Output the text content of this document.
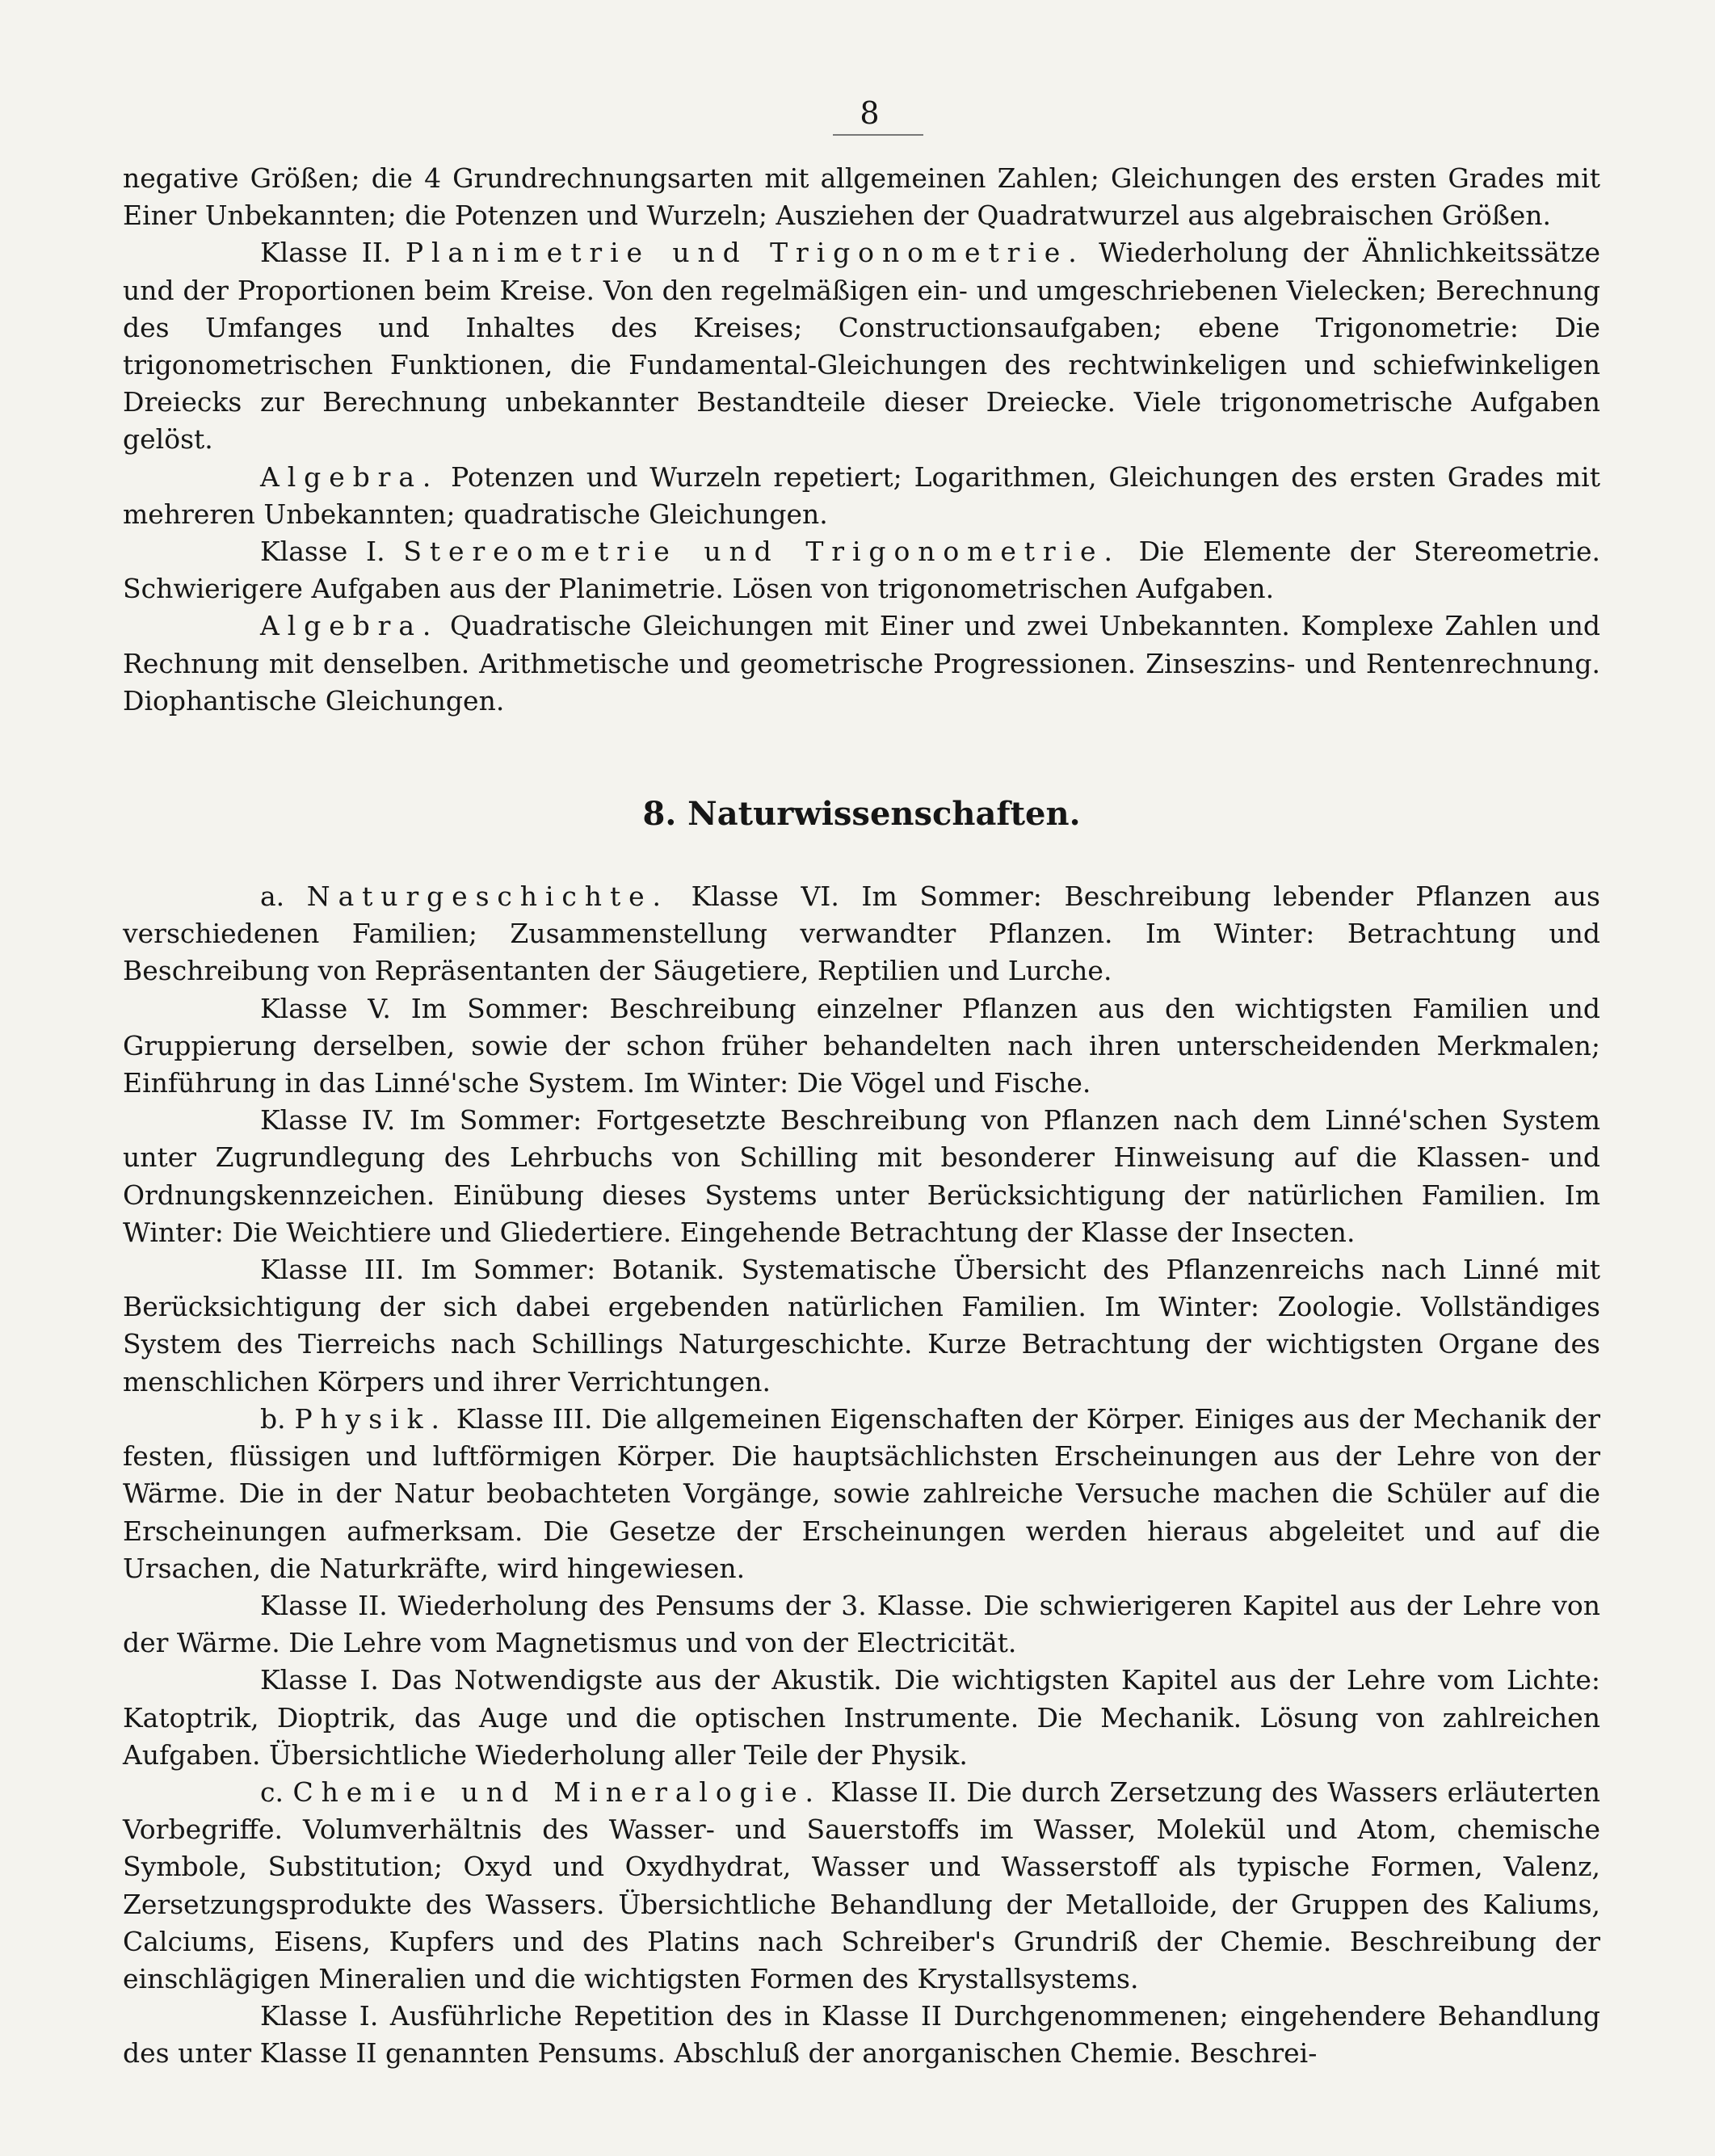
8

negative Größen; die 4 Grundrechnungsarten mit allgemeinen Zahlen; Gleichungen des ersten Grades mit Einer Unbekannten; die Potenzen und Wurzeln; Ausziehen der Quadratwurzel aus algebraischen Größen.

Klasse II. Planimetrie und Trigonometrie. Wiederholung der Ähnlichkeitssätze und der Proportionen beim Kreise. Von den regelmäßigen ein- und umgeschriebenen Vielecken; Berechnung des Umfanges und Inhaltes des Kreises; Constructionsaufgaben; ebene Trigonometrie: Die trigonometrischen Funktionen, die Fundamental-Gleichungen des rechtwinkeligen und schiefwinkeligen Dreiecks zur Berechnung unbekannter Bestandteile dieser Dreiecke. Viele trigonometrische Aufgaben gelöst.

Algebra. Potenzen und Wurzeln repetiert; Logarithmen, Gleichungen des ersten Grades mit mehreren Unbekannten; quadratische Gleichungen.

Klasse I. Stereometrie und Trigonometrie. Die Elemente der Stereometrie. Schwierigere Aufgaben aus der Planimetrie. Lösen von trigonometrischen Aufgaben.

Algebra. Quadratische Gleichungen mit Einer und zwei Unbekannten. Komplexe Zahlen und Rechnung mit denselben. Arithmetische und geometrische Progressionen. Zinseszins- und Rentenrechnung. Diophantische Gleichungen.

8. Naturwissenschaften.

a. Naturgeschichte. Klasse VI. Im Sommer: Beschreibung lebender Pflanzen aus verschiedenen Familien; Zusammenstellung verwandter Pflanzen. Im Winter: Betrachtung und Beschreibung von Repräsentanten der Säugetiere, Reptilien und Lurche.

Klasse V. Im Sommer: Beschreibung einzelner Pflanzen aus den wichtigsten Familien und Gruppierung derselben, sowie der schon früher behandelten nach ihren unterscheidenden Merkmalen; Einführung in das Linné'sche System. Im Winter: Die Vögel und Fische.

Klasse IV. Im Sommer: Fortgesetzte Beschreibung von Pflanzen nach dem Linné'schen System unter Zugrundlegung des Lehrbuchs von Schilling mit besonderer Hinweisung auf die Klassen- und Ordnungskennzeichen. Einübung dieses Systems unter Berücksichtigung der natürlichen Familien. Im Winter: Die Weichtiere und Gliedertiere. Eingehende Betrachtung der Klasse der Insecten.

Klasse III. Im Sommer: Botanik. Systematische Übersicht des Pflanzenreichs nach Linné mit Berücksichtigung der sich dabei ergebenden natürlichen Familien. Im Winter: Zoologie. Vollständiges System des Tierreichs nach Schillings Naturgeschichte. Kurze Betrachtung der wichtigsten Organe des menschlichen Körpers und ihrer Verrichtungen.

b. Physik. Klasse III. Die allgemeinen Eigenschaften der Körper. Einiges aus der Mechanik der festen, flüssigen und luftförmigen Körper. Die hauptsächlichsten Erscheinungen aus der Lehre von der Wärme. Die in der Natur beobachteten Vorgänge, sowie zahlreiche Versuche machen die Schüler auf die Erscheinungen aufmerksam. Die Gesetze der Erscheinungen werden hieraus abgeleitet und auf die Ursachen, die Naturkräfte, wird hingewiesen.

Klasse II. Wiederholung des Pensums der 3. Klasse. Die schwierigeren Kapitel aus der Lehre von der Wärme. Die Lehre vom Magnetismus und von der Electricität.

Klasse I. Das Notwendigste aus der Akustik. Die wichtigsten Kapitel aus der Lehre vom Lichte: Katoptrik, Dioptrik, das Auge und die optischen Instrumente. Die Mechanik. Lösung von zahlreichen Aufgaben. Übersichtliche Wiederholung aller Teile der Physik.

c. Chemie und Mineralogie. Klasse II. Die durch Zersetzung des Wassers erläuterten Vorbegriffe. Volumverhältnis des Wasser- und Sauerstoffs im Wasser, Molekül und Atom, chemische Symbole, Substitution; Oxyd und Oxydhydrat, Wasser und Wasserstoff als typische Formen, Valenz, Zersetzungsprodukte des Wassers. Übersichtliche Behandlung der Metalloide, der Gruppen des Kaliums, Calciums, Eisens, Kupfers und des Platins nach Schreiber's Grundriß der Chemie. Beschreibung der einschlägigen Mineralien und die wichtigsten Formen des Krystallsystems.

Klasse I. Ausführliche Repetition des in Klasse II Durchgenommenen; eingehendere Behandlung des unter Klasse II genannten Pensums. Abschluß der anorganischen Chemie. Beschrei-
